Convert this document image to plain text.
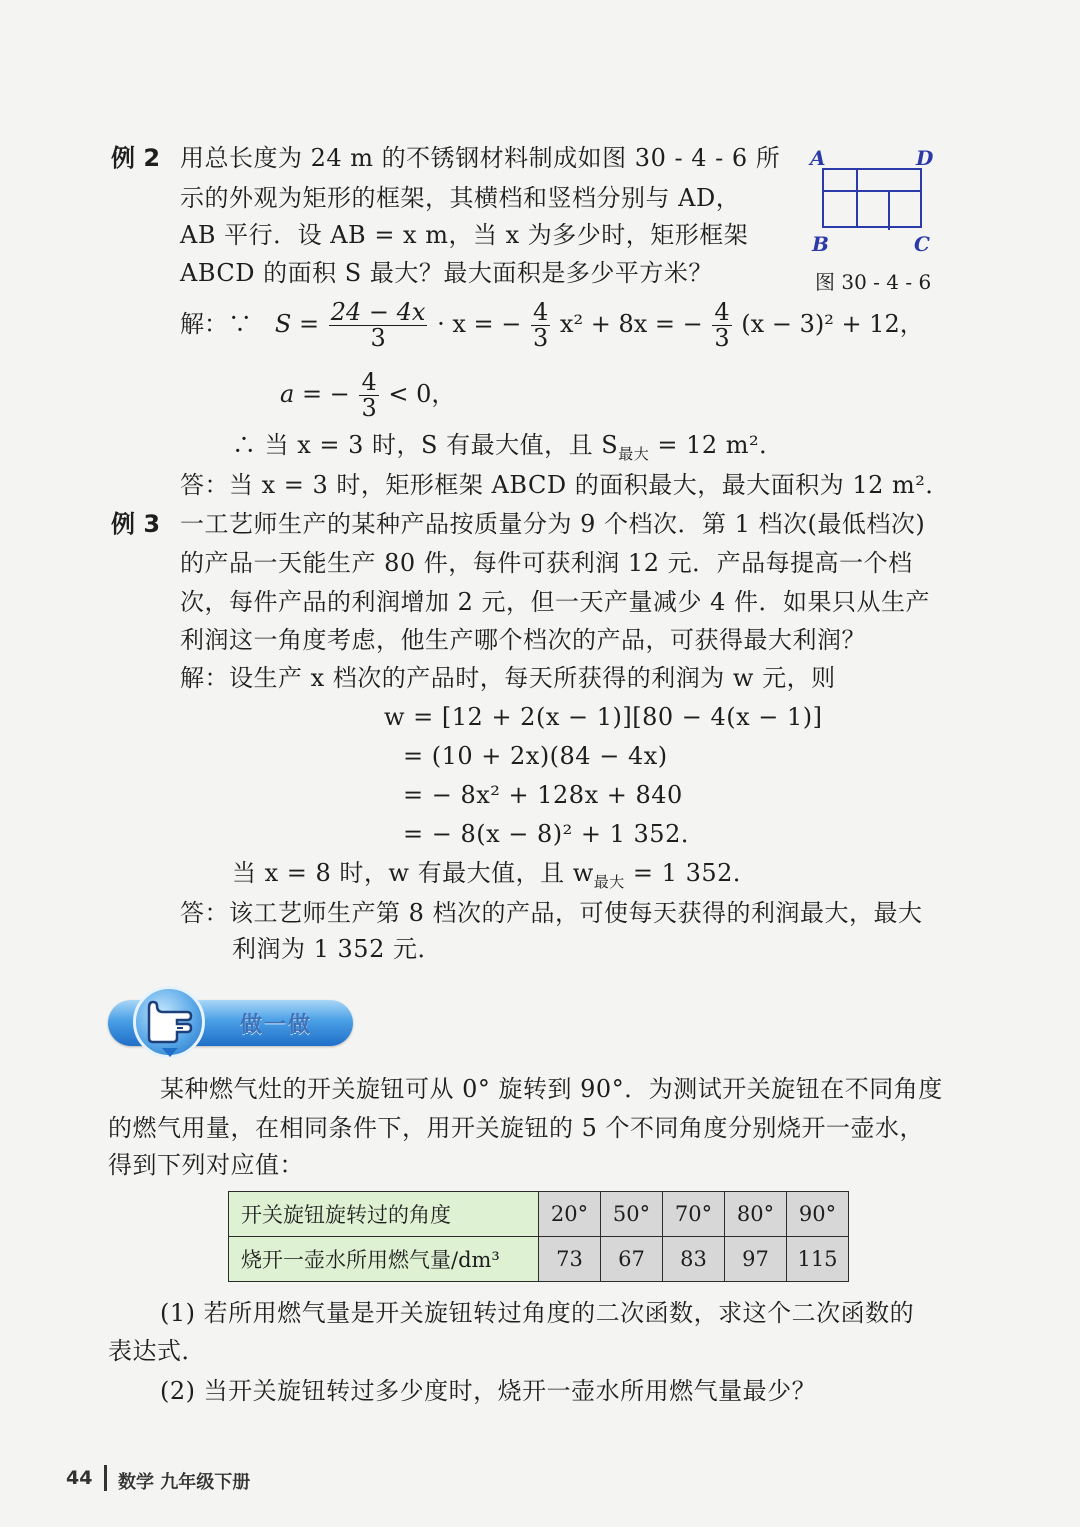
例 2 用总长度为 24 m 的不锈钢材料制成如图 30 - 4 - 6 所
示的外观为矩形的框架，其横档和竖档分别与 AD，
AB 平行．设 AB = x m，当 x 为多少时，矩形框架
ABCD 的面积 S 最大？最大面积是多少平方米？
A	D
B	C
图 30 - 4 - 6
解：∵ $S = \frac{24 - 4x}{3} \cdot x$ = − $\frac{4}{3} x^2 + 8x$ = − $\frac{4}{3} (x - 3)^2 + 12$，
a = − $\frac{4}{3} < 0$，
∴ 当 x = 3 时，S 有最大值，且 $S_{最大} = 12$ m²．
答：当 x = 3 时，矩形框架 ABCD 的面积最大，最大面积为 12 m²．
例 3 一工艺师生产的某种产品按质量分为 9 个档次．第 1 档次(最低档次)
的产品一天能生产 80 件，每件可获利润 12 元．产品每提高一个档
次，每件产品的利润增加 2 元，但一天产量减少 4 件．如果只从生产
利润这一角度考虑，他生产哪个档次的产品，可获得最大利润？
解：设生产 x 档次的产品时，每天所获得的利润为 w 元，则
w = [12 + 2(x − 1)][80 − 4(x − 1)]
= (10 + 2x)(84 − 4x)
= − 8x² + 128x + 840
= − 8(x − 8)² + 1 352．
当 x = 8 时，w 有最大值，且 $w_{最大} = 1$ 352．
答：该工艺师生产第 8 档次的产品，可使每天获得的利润最大，最大
利润为 1 352 元．
做一做
某种燃气灶的开关旋钮可从 0° 旋转到 90°．为测试开关旋钮在不同角度
的燃气用量，在相同条件下，用开关旋钮的 5 个不同角度分别烧开一壶水，
得到下列对应值：
开关旋钮旋转过的角度	20°	50°	70°	80°	90°
烧开一壶水所用燃气量/dm³	73	67	83	97	115
(1) 若所用燃气量是开关旋钮转过角度的二次函数，求这个二次函数的
表达式．
(2) 当开关旋钮转过多少度时，烧开一壶水所用燃气量最少？
44 数学 九年级下册
